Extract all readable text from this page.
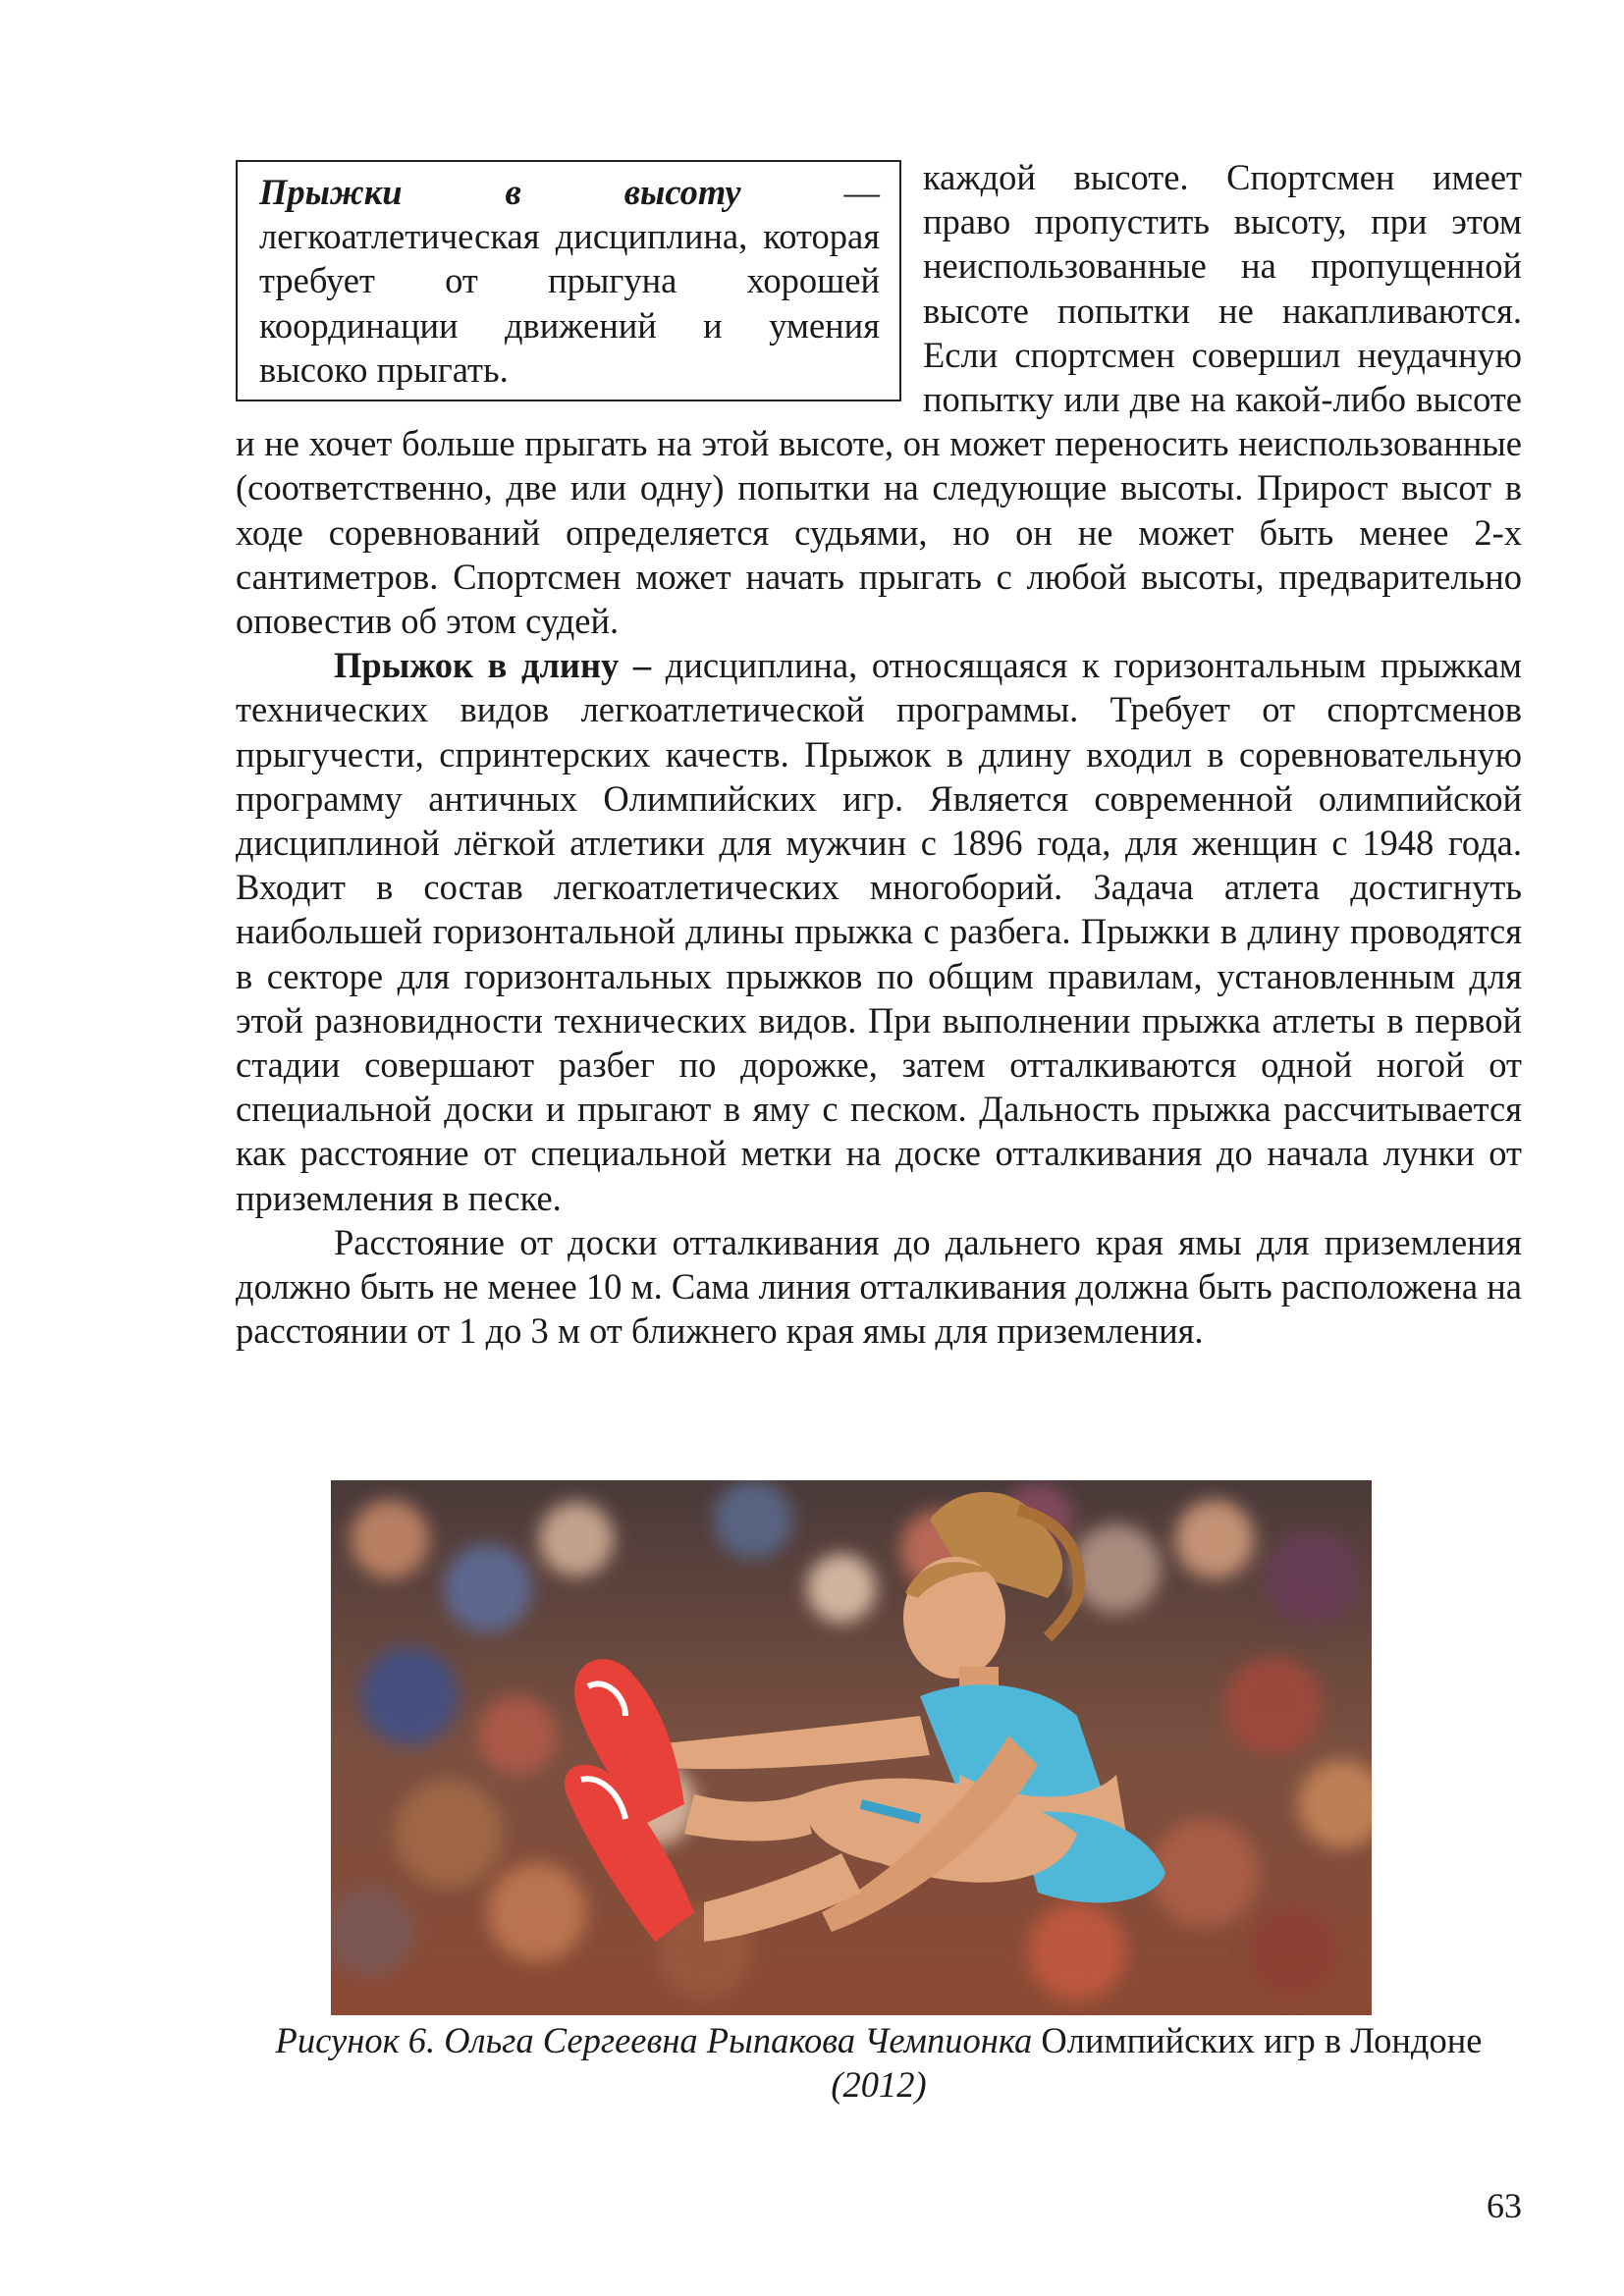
Прыжки	в	высоту	—
легкоатлетическая дисциплина, которая требует от прыгуна хорошей координации движений и умения высоко прыгать.

каждой высоте. Спортсмен имеет право пропустить высоту, при этом неиспользованные на пропущенной высоте попытки не накапливаются. Если спортсмен совершил неудачную попытку или две на какой-либо высоте и не хочет больше прыгать на этой высоте, он может переносить неиспользованные (соответственно, две или одну) попытки на следующие высоты. Прирост высот в ходе соревнований определяется судьями, но он не может быть менее 2-х сантиметров. Спортсмен может начать прыгать с любой высоты, предварительно оповестив об этом судей.

Прыжок в длину – дисциплина, относящаяся к горизонтальным прыжкам технических видов легкоатлетической программы. Требует от спортсменов прыгучести, спринтерских качеств. Прыжок в длину входил в соревновательную программу античных Олимпийских игр. Является современной олимпийской дисциплиной лёгкой атлетики для мужчин с 1896 года, для женщин с 1948 года. Входит в состав легкоатлетических многоборий. Задача атлета достигнуть наибольшей горизонтальной длины прыжка с разбега. Прыжки в длину проводятся в секторе для горизонтальных прыжков по общим правилам, установленным для этой разновидности технических видов. При выполнении прыжка атлеты в первой стадии совершают разбег по дорожке, затем отталкиваются одной ногой от специальной доски и прыгают в яму с песком. Дальность прыжка рассчитывается как расстояние от специальной метки на доске отталкивания до начала лунки от приземления в песке.

Расстояние от доски отталкивания до дальнего края ямы для приземления должно быть не менее 10 м. Сама линия отталкивания должна быть расположена на расстоянии от 1 до 3 м от ближнего края ямы для приземления.

Рисунок 6. Ольга Сергеевна Рыпакова Чемпионка Олимпийских игр в Лондоне (2012)
63
